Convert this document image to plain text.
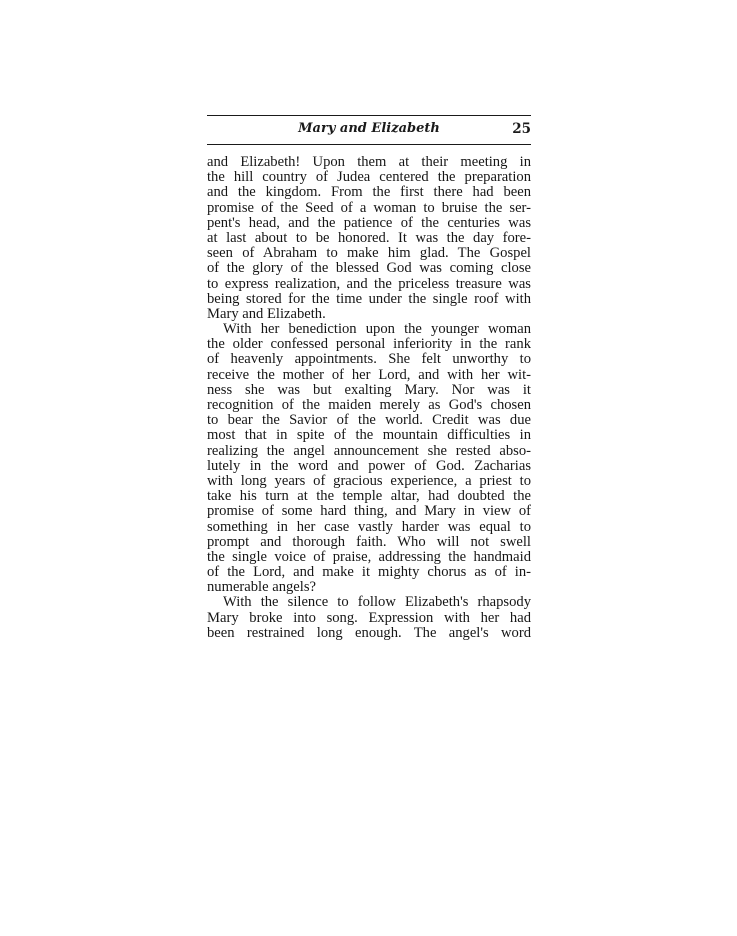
Mary and Elizabeth	25
and Elizabeth! Upon them at their meeting in
the hill country of Judea centered the preparation
and the kingdom. From the first there had been
promise of the Seed of a woman to bruise the ser-
pent's head, and the patience of the centuries was
at last about to be honored. It was the day fore-
seen of Abraham to make him glad. The Gospel
of the glory of the blessed God was coming close
to express realization, and the priceless treasure was
being stored for the time under the single roof with
Mary and Elizabeth.
With her benediction upon the younger woman
the older confessed personal inferiority in the rank
of heavenly appointments. She felt unworthy to
receive the mother of her Lord, and with her wit-
ness she was but exalting Mary. Nor was it
recognition of the maiden merely as God's chosen
to bear the Savior of the world. Credit was due
most that in spite of the mountain difficulties in
realizing the angel announcement she rested abso-
lutely in the word and power of God. Zacharias
with long years of gracious experience, a priest to
take his turn at the temple altar, had doubted the
promise of some hard thing, and Mary in view of
something in her case vastly harder was equal to
prompt and thorough faith. Who will not swell
the single voice of praise, addressing the handmaid
of the Lord, and make it mighty chorus as of in-
numerable angels?
With the silence to follow Elizabeth's rhapsody
Mary broke into song. Expression with her had
been restrained long enough. The angel's word
